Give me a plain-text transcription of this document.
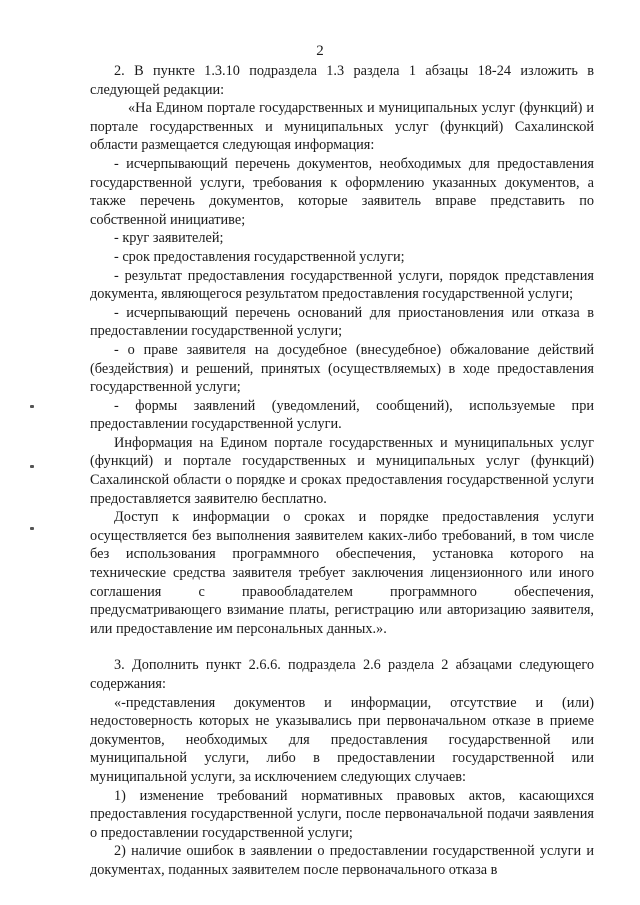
2

2. В пункте 1.3.10 подраздела 1.3 раздела 1 абзацы 18-24 изложить в следующей редакции:

«На Едином портале государственных и муниципальных услуг (функций) и портале государственных и муниципальных услуг (функций) Сахалинской области размещается следующая информация:

- исчерпывающий перечень документов, необходимых для предоставления государственной услуги, требования к оформлению указанных документов, а также перечень документов, которые заявитель вправе представить по собственной инициативе;

- круг заявителей;

- срок предоставления государственной услуги;

- результат предоставления государственной услуги, порядок представления документа, являющегося результатом предоставления государственной услуги;

- исчерпывающий перечень оснований для приостановления или отказа в предоставлении государственной услуги;

- о праве заявителя на досудебное (внесудебное) обжалование действий (бездействия) и решений, принятых (осуществляемых) в ходе предоставления государственной услуги;

- формы заявлений (уведомлений, сообщений), используемые при предоставлении государственной услуги.

Информация на Едином портале государственных и муниципальных услуг (функций) и портале государственных и муниципальных услуг (функций) Сахалинской области о порядке и сроках предоставления государственной услуги предоставляется заявителю бесплатно.

Доступ к информации о сроках и порядке предоставления услуги осуществляется без выполнения заявителем каких-либо требований, в том числе без использования программного обеспечения, установка которого на технические средства заявителя требует заключения лицензионного или иного соглашения с правообладателем программного обеспечения, предусматривающего взимание платы, регистрацию или авторизацию заявителя, или предоставление им персональных данных.».

3. Дополнить пункт 2.6.6. подраздела 2.6 раздела 2 абзацами следующего содержания:

«-представления документов и информации, отсутствие и (или) недостоверность которых не указывались при первоначальном отказе в приеме документов, необходимых для предоставления государственной или муниципальной услуги, либо в предоставлении государственной или муниципальной услуги, за исключением следующих случаев:

1) изменение требований нормативных правовых актов, касающихся предоставления государственной услуги, после первоначальной подачи заявления о предоставлении государственной услуги;

2) наличие ошибок в заявлении о предоставлении государственной услуги и документах, поданных заявителем после первоначального отказа в
